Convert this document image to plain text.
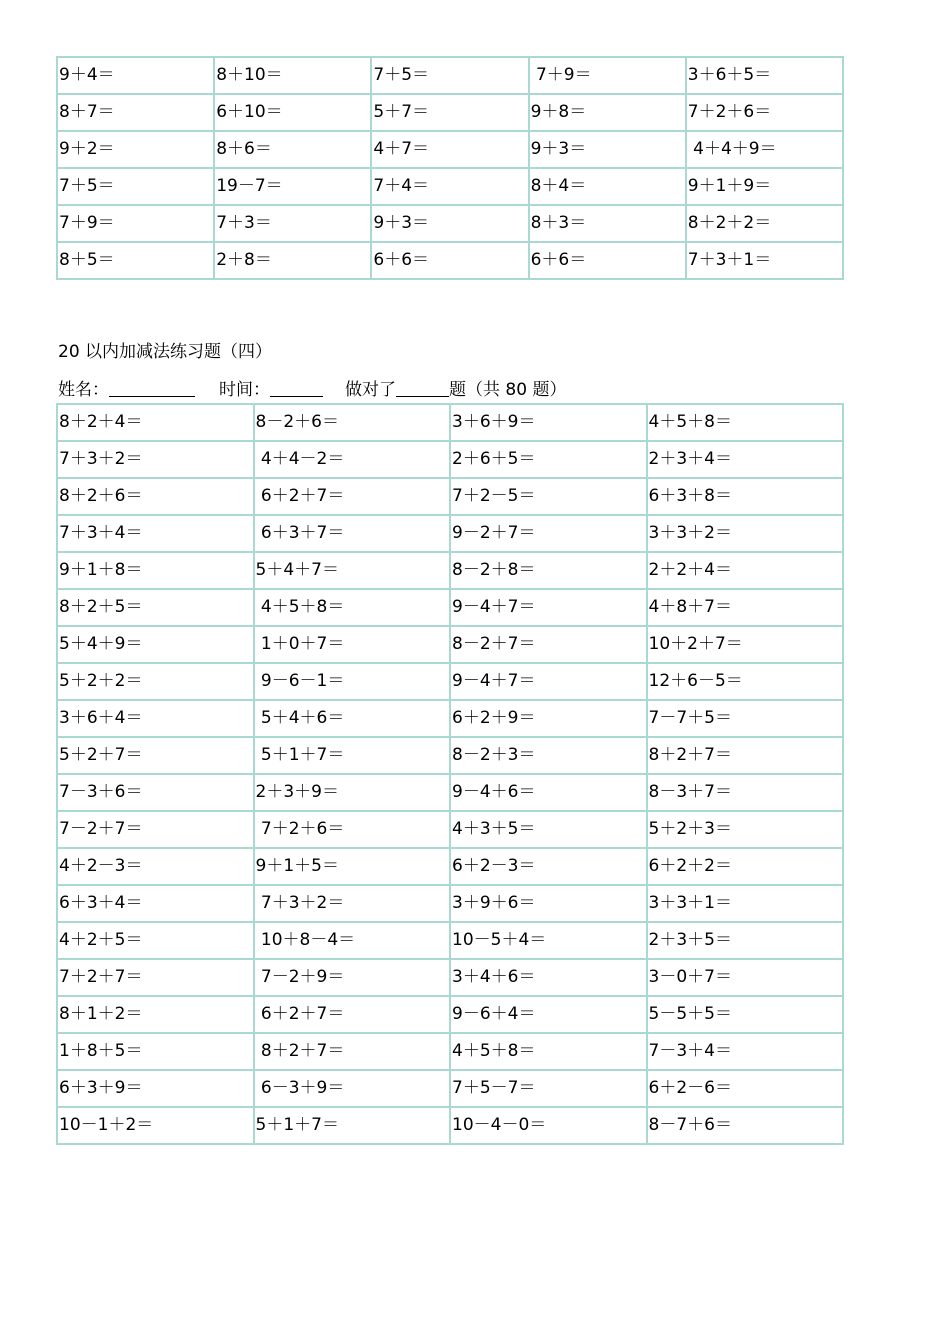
9＋4＝	8＋10＝	7＋5＝	7＋9＝	3＋6＋5＝
8＋7＝	6＋10＝	5＋7＝	9＋8＝	7＋2＋6＝
9＋2＝	8＋6＝	4＋7＝	9＋3＝	4＋4＋9＝
7＋5＝	19－7＝	7＋4＝	8＋4＝	9＋1＋9＝
7＋9＝	7＋3＝	9＋3＝	8＋3＝	8＋2＋2＝
8＋5＝	2＋8＝	6＋6＝	6＋6＝	7＋3＋1＝
20 以内加减法练习题（四）
姓名：	时间：	做对了	题（共 80 题）
8＋2＋4＝	8－2＋6＝	3＋6＋9＝	4＋5＋8＝
7＋3＋2＝	4＋4－2＝	2＋6＋5＝	2＋3＋4＝
8＋2＋6＝	6＋2＋7＝	7＋2－5＝	6＋3＋8＝
7＋3＋4＝	6＋3＋7＝	9－2＋7＝	3＋3＋2＝
9＋1＋8＝	5＋4＋7＝	8－2＋8＝	2＋2＋4＝
8＋2＋5＝	4＋5＋8＝	9－4＋7＝	4＋8＋7＝
5＋4＋9＝	1＋0＋7＝	8－2＋7＝	10＋2＋7＝
5＋2＋2＝	9－6－1＝	9－4＋7＝	12＋6－5＝
3＋6＋4＝	5＋4＋6＝	6＋2＋9＝	7－7＋5＝
5＋2＋7＝	5＋1＋7＝	8－2＋3＝	8＋2＋7＝
7－3＋6＝	2＋3＋9＝	9－4＋6＝	8－3＋7＝
7－2＋7＝	7＋2＋6＝	4＋3＋5＝	5＋2＋3＝
4＋2－3＝	9＋1＋5＝	6＋2－3＝	6＋2＋2＝
6＋3＋4＝	7＋3＋2＝	3＋9＋6＝	3＋3＋1＝
4＋2＋5＝	10＋8－4＝	10－5＋4＝	2＋3＋5＝
7＋2＋7＝	7－2＋9＝	3＋4＋6＝	3－0＋7＝
8＋1＋2＝	6＋2＋7＝	9－6＋4＝	5－5＋5＝
1＋8＋5＝	8＋2＋7＝	4＋5＋8＝	7－3＋4＝
6＋3＋9＝	6－3＋9＝	7＋5－7＝	6＋2－6＝
10－1＋2＝	5＋1＋7＝	10－4－0＝	8－7＋6＝
